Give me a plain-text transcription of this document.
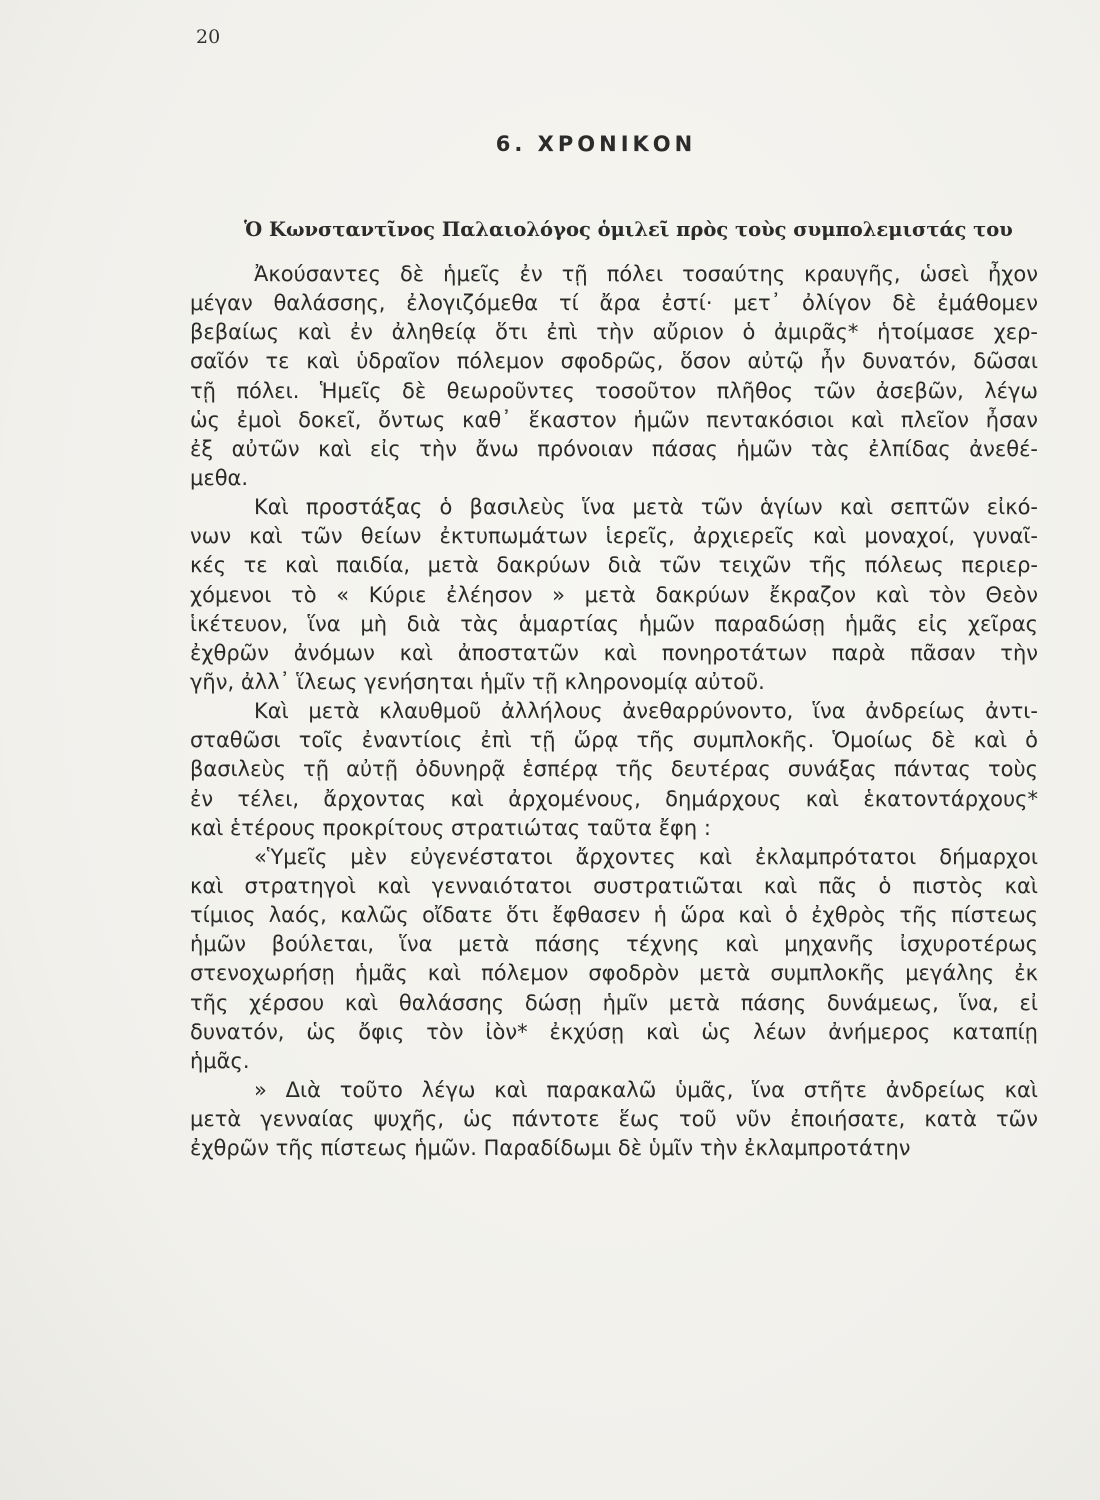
20
6. ΧΡΟΝΙΚΟΝ
Ὁ Κωνσταντῖνος Παλαιολόγος ὁμιλεῖ πρὸς τοὺς συμπολεμιστάς του
Ἀκούσαντες δὲ ἡμεῖς ἐν τῇ πόλει τοσαύτης κραυγῆς, ὡσεὶ ἦχον
μέγαν θαλάσσης, ἐλογιζόμεθα τί ἄρα ἐστί· μετ᾽ ὀλίγον δὲ ἐμάθομεν
βεβαίως καὶ ἐν ἀληθείᾳ ὅτι ἐπὶ τὴν αὔριον ὁ ἀμιρᾶς* ἡτοίμασε χερ-
σαῖόν τε καὶ ὑδραῖον πόλεμον σφοδρῶς, ὅσον αὐτῷ ἦν δυνατόν, δῶσαι
τῇ πόλει. Ἡμεῖς δὲ θεωροῦντες τοσοῦτον πλῆθος τῶν ἀσεβῶν, λέγω
ὡς ἐμοὶ δοκεῖ, ὄντως καθ᾽ ἕκαστον ἡμῶν πεντακόσιοι καὶ πλεῖον ἦσαν
ἐξ αὐτῶν καὶ εἰς τὴν ἄνω πρόνοιαν πάσας ἡμῶν τὰς ἐλπίδας ἀνεθέ-
μεθα.
Καὶ προστάξας ὁ βασιλεὺς ἵνα μετὰ τῶν ἁγίων καὶ σεπτῶν εἰκό-
νων καὶ τῶν θείων ἐκτυπωμάτων ἱερεῖς, ἀρχιερεῖς καὶ μοναχοί, γυναῖ-
κές τε καὶ παιδία, μετὰ δακρύων διὰ τῶν τειχῶν τῆς πόλεως περιερ-
χόμενοι τὸ « Κύριε ἐλέησον » μετὰ δακρύων ἔκραζον καὶ τὸν Θεὸν
ἱκέτευον, ἵνα μὴ διὰ τὰς ἁμαρτίας ἡμῶν παραδώσῃ ἡμᾶς εἰς χεῖρας
ἐχθρῶν ἀνόμων καὶ ἀποστατῶν καὶ πονηροτάτων παρὰ πᾶσαν τὴν
γῆν, ἀλλ᾽ ἵλεως γενήσηται ἡμῖν τῇ κληρονομίᾳ αὐτοῦ.
Καὶ μετὰ κλαυθμοῦ ἀλλήλους ἀνεθαρρύνοντο, ἵνα ἀνδρείως ἀντι-
σταθῶσι τοῖς ἐναντίοις ἐπὶ τῇ ὥρᾳ τῆς συμπλοκῆς. Ὁμοίως δὲ καὶ ὁ
βασιλεὺς τῇ αὐτῇ ὀδυνηρᾷ ἑσπέρᾳ τῆς δευτέρας συνάξας πάντας τοὺς
ἐν τέλει, ἄρχοντας καὶ ἀρχομένους, δημάρχους καὶ ἑκατοντάρχους*
καὶ ἑτέρους προκρίτους στρατιώτας ταῦτα ἔφη :
«Ὑμεῖς μὲν εὐγενέστατοι ἄρχοντες καὶ ἐκλαμπρότατοι δήμαρχοι
καὶ στρατηγοὶ καὶ γενναιότατοι συστρατιῶται καὶ πᾶς ὁ πιστὸς καὶ
τίμιος λαός, καλῶς οἴδατε ὅτι ἔφθασεν ἡ ὥρα καὶ ὁ ἐχθρὸς τῆς πίστεως
ἡμῶν βούλεται, ἵνα μετὰ πάσης τέχνης καὶ μηχανῆς ἰσχυροτέρως
στενοχωρήσῃ ἡμᾶς καὶ πόλεμον σφοδρὸν μετὰ συμπλοκῆς μεγάλης ἐκ
τῆς χέρσου καὶ θαλάσσης δώσῃ ἡμῖν μετὰ πάσης δυνάμεως, ἵνα, εἰ
δυνατόν, ὡς ὄφις τὸν ἰὸν* ἐκχύσῃ καὶ ὡς λέων ἀνήμερος καταπίῃ
ἡμᾶς.
» Διὰ τοῦτο λέγω καὶ παρακαλῶ ὑμᾶς, ἵνα στῆτε ἀνδρείως καὶ
μετὰ γενναίας ψυχῆς, ὡς πάντοτε ἕως τοῦ νῦν ἐποιήσατε, κατὰ τῶν
ἐχθρῶν τῆς πίστεως ἡμῶν. Παραδίδωμι δὲ ὑμῖν τὴν ἐκλαμπροτάτην
